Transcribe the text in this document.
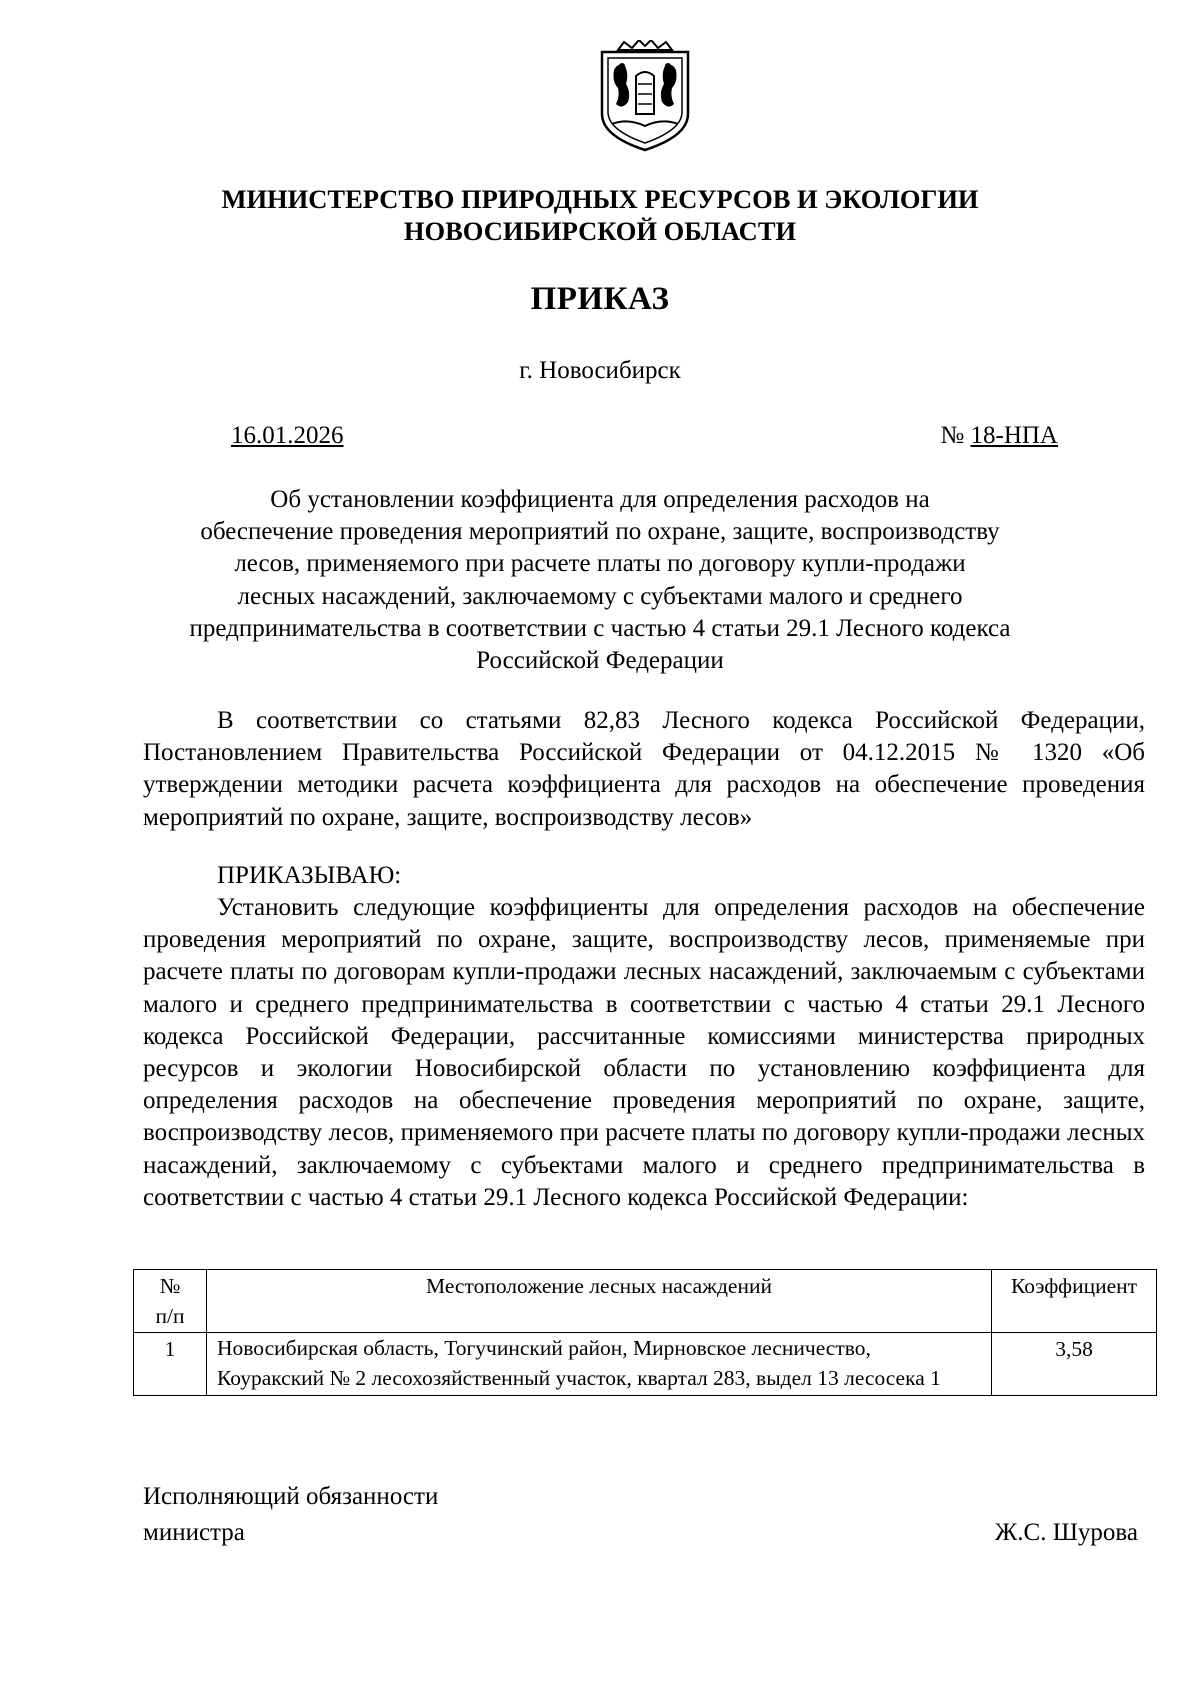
МИНИСТЕРСТВО ПРИРОДНЫХ РЕСУРСОВ И ЭКОЛОГИИ
НОВОСИБИРСКОЙ ОБЛАСТИ
ПРИКАЗ
г. Новосибирск
16.01.2026	№ 18-НПА
Об установлении коэффициента для определения расходов на
обеспечение проведения мероприятий по охране, защите, воспроизводству
лесов, применяемого при расчете платы по договору купли-продажи
лесных насаждений, заключаемому с субъектами малого и среднего
предпринимательства в соответствии с частью 4 статьи 29.1 Лесного кодекса
Российской Федерации
В соответствии со статьями 82,83 Лесного кодекса Российской Федерации, Постановлением Правительства Российской Федерации от 04.12.2015 № 1320 «Об утверждении методики расчета коэффициента для расходов на обеспечение проведения мероприятий по охране, защите, воспроизводству лесов»
ПРИКАЗЫВАЮ:
Установить следующие коэффициенты для определения расходов на обеспечение проведения мероприятий по охране, защите, воспроизводству лесов, применяемые при расчете платы по договорам купли-продажи лесных насаждений, заключаемым с субъектами малого и среднего предпринимательства в соответствии с частью 4 статьи 29.1 Лесного кодекса Российской Федерации, рассчитанные комиссиями министерства природных ресурсов и экологии Новосибирской области по установлению коэффициента для определения расходов на обеспечение проведения мероприятий по охране, защите, воспроизводству лесов, применяемого при расчете платы по договору купли-продажи лесных насаждений, заключаемому с субъектами малого и среднего предпринимательства в соответствии с частью 4 статьи 29.1 Лесного кодекса Российской Федерации:
№
п/п	Местоположение лесных насаждений	Коэффициент
1	Новосибирская область, Тогучинский район, Мирновское лесничество, Коуракский № 2 лесохозяйственный участок, квартал 283, выдел 13 лесосека 1	3,58
Исполняющий обязанности
министра	Ж.С. Шурова
